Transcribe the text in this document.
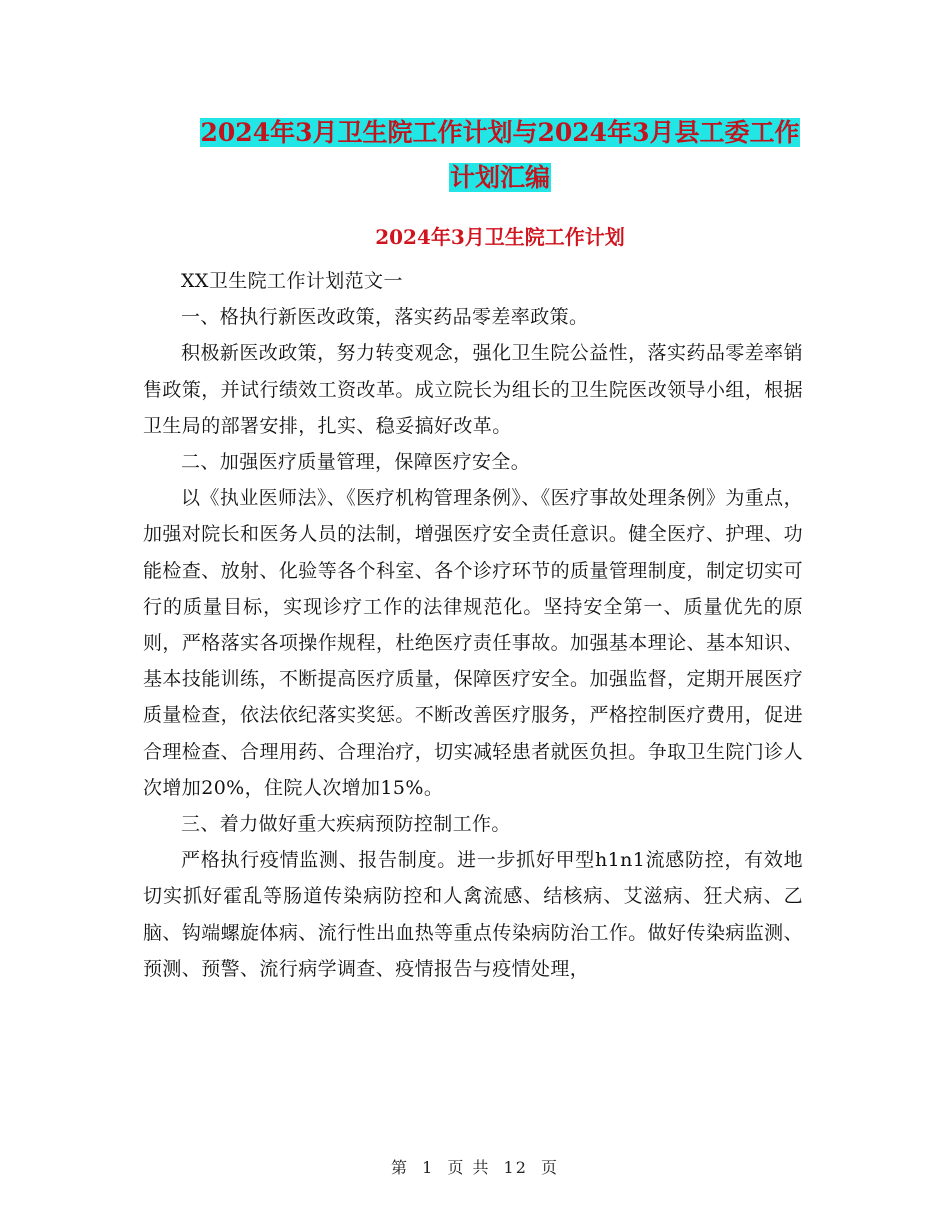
2024年3月卫生院工作计划与2024年3月县工委工作
计划汇编
2024年3月卫生院工作计划

XX卫生院工作计划范文一

一、格执行新医改政策，落实药品零差率政策。

积极新医改政策，努力转变观念，强化卫生院公益性，落实药品零差率销售政策，并试行绩效工资改革。成立院长为组长的卫生院医改领导小组，根据卫生局的部署安排，扎实、稳妥搞好改革。

二、加强医疗质量管理，保障医疗安全。

以《执业医师法》、《医疗机构管理条例》、《医疗事故处理条例》为重点，加强对院长和医务人员的法制，增强医疗安全责任意识。健全医疗、护理、功能检查、放射、化验等各个科室、各个诊疗环节的质量管理制度，制定切实可行的质量目标，实现诊疗工作的法律规范化。坚持安全第一、质量优先的原则，严格落实各项操作规程，杜绝医疗责任事故。加强基本理论、基本知识、基本技能训练，不断提高医疗质量，保障医疗安全。加强监督，定期开展医疗质量检查，依法依纪落实奖惩。不断改善医疗服务，严格控制医疗费用，促进合理检查、合理用药、合理治疗，切实减轻患者就医负担。争取卫生院门诊人次增加20%，住院人次增加15%。

三、着力做好重大疾病预防控制工作。

严格执行疫情监测、报告制度。进一步抓好甲型h1n1流感防控，有效地切实抓好霍乱等肠道传染病防控和人禽流感、结核病、艾滋病、狂犬病、乙脑、钩端螺旋体病、流行性出血热等重点传染病防治工作。做好传染病监测、预测、预警、流行病学调查、疫情报告与疫情处理，

第 1 页 共 12 页
